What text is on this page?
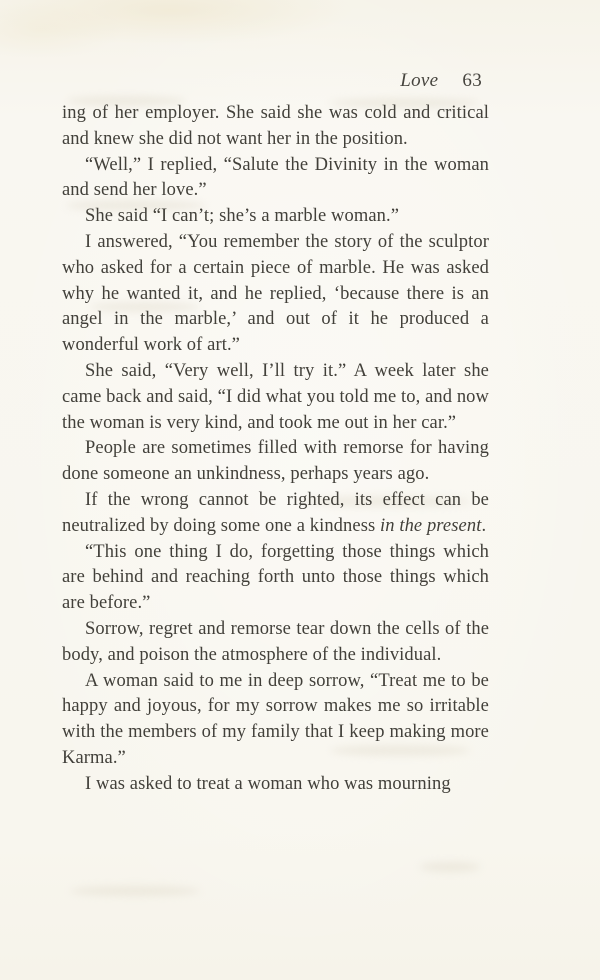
Love 63

ing of her employer. She said she was cold and critical and knew she did not want her in the position.

“Well,” I replied, “Salute the Divinity in the woman and send her love.”

She said “I can’t; she’s a marble woman.”

I answered, “You remember the story of the sculptor who asked for a certain piece of marble. He was asked why he wanted it, and he replied, ‘because there is an angel in the marble,’ and out of it he produced a wonderful work of art.”

She said, “Very well, I’ll try it.” A week later she came back and said, “I did what you told me to, and now the woman is very kind, and took me out in her car.”

People are sometimes filled with remorse for having done someone an unkindness, perhaps years ago.

If the wrong cannot be righted, its effect can be neutralized by doing some one a kindness in the present.

“This one thing I do, forgetting those things which are behind and reaching forth unto those things which are before.”

Sorrow, regret and remorse tear down the cells of the body, and poison the atmosphere of the individual.

A woman said to me in deep sorrow, “Treat me to be happy and joyous, for my sorrow makes me so irritable with the members of my family that I keep making more Karma.”

I was asked to treat a woman who was mourning
